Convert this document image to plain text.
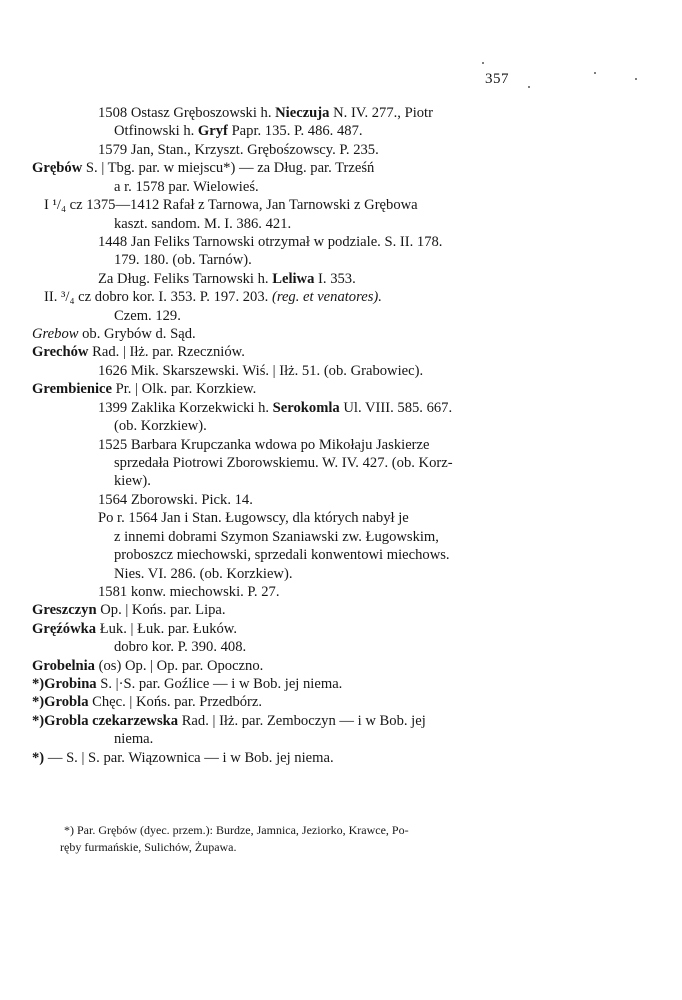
357
1508 Ostasz Gręboszowski h. Nieczuja N. IV. 277., Piotr
Otfinowski h. Gryf Papr. 135. P. 486. 487.
1579 Jan, Stan., Krzyszt. Grębośzowscy. P. 235.
Grębów S. | Tbg. par. w miejscu*) — za Dług. par. Trześń
a r. 1578 par. Wielowieś.
I ¹/₄ cz 1375—1412 Rafał z Tarnowa, Jan Tarnowski z Grębowa
kaszt. sandom. M. I. 386. 421.
1448 Jan Feliks Tarnowski otrzymał w podziale. S. II. 178.
179. 180. (ob. Tarnów).
Za Dług. Feliks Tarnowski h. Leliwa I. 353.
II. ³/₄ cz dobro kor. I. 353. P. 197. 203. (reg. et venatores).
Czem. 129.
Grebow ob. Grybów d. Sąd.
Grechów Rad. | Iłż. par. Rzeczniów.
1626 Mik. Skarszewski. Wiś. | Iłż. 51. (ob. Grabowiec).
Grembienice Pr. | Olk. par. Korzkiew.
1399 Zaklika Korzekwicki h. Serokomla Ul. VIII. 585. 667.
(ob. Korzkiew).
1525 Barbara Krupczanka wdowa po Mikołaju Jaskierze
sprzedała Piotrowi Zborowskiemu. W. IV. 427. (ob. Korz-
kiew).
1564 Zborowski. Pick. 14.
Po r. 1564 Jan i Stan. Ługowscy, dla których nabył je
z innemi dobrami Szymon Szaniawski zw. Ługowskim,
proboszcz miechowski, sprzedali konwentowi miechows.
Nies. VI. 286. (ob. Korzkiew).
1581 konw. miechowski. P. 27.
Greszczyn Op. | Końs. par. Lipa.
Gręźówka Łuk. | Łuk. par. Łuków.
dobro kor. P. 390. 408.
Grobelnia (os) Op. | Op. par. Opoczno.
*)Grobina S. |·S. par. Goźlice — i w Bob. jej niema.
*)Grobla Chęc. | Końs. par. Przedbórz.
*)Grobla czekarzewska Rad. | Iłż. par. Zemboczyn — i w Bob. jej
niema.
*) — S. | S. par. Wiązownica — i w Bob. jej niema.
*) Par. Grębów (dyec. przem.): Burdze, Jamnica, Jeziorko, Krawce, Po-
ręby furmańskie, Sulichów, Żupawa.
